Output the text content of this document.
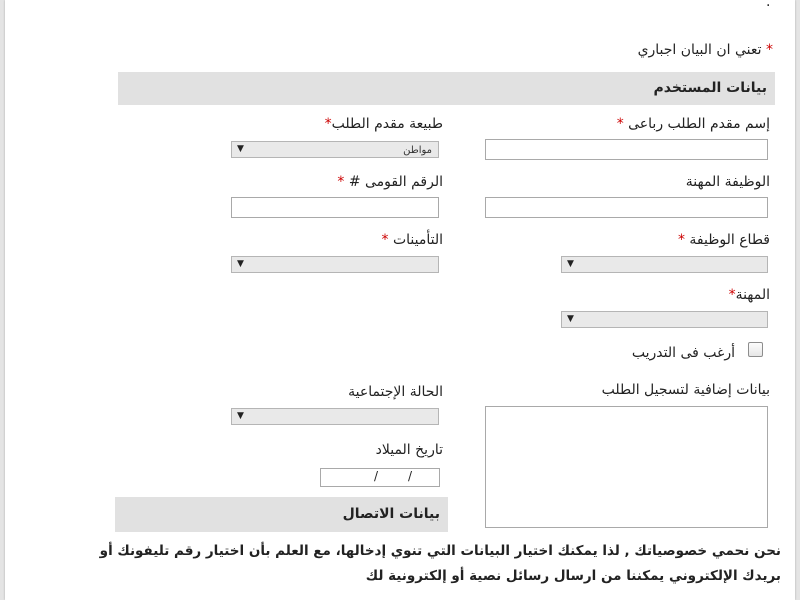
.
* تعني ان البيان اجباري
بيانات المستخدم
إسم مقدم الطلب رباعى *
طبيعة مقدم الطلب*
▼	مواطن
الوظيفة المهنة
الرقم القومى # *
قطاع الوظيفة *
▼
التأمينات *
▼
المهنة*
▼
أرغب فى التدريب
بيانات إضافية لتسجيل الطلب
الحالة الإجتماعية
▼
تاريخ الميلاد
/ /
بيانات الاتصال
نحن نحمي خصوصياتك , لذا يمكنك اختيار البيانات التي تنوي إدخالها، مع العلم بأن اختيار رقم تليفونك أو
بريدك الإلكتروني يمكننا من ارسال رسائل نصية أو إلكترونية لك
